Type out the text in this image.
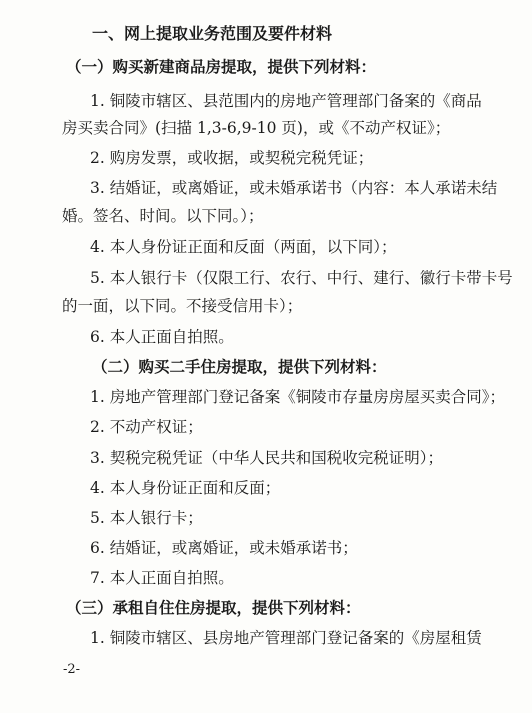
一、网上提取业务范围及要件材料
（一）购买新建商品房提取，提供下列材料：
1. 铜陵市辖区、县范围内的房地产管理部门备案的《商品
房买卖合同》(扫描 1,3-6,9-10 页)，或《不动产权证》；
2. 购房发票，或收据，或契税完税凭证；
3. 结婚证，或离婚证，或未婚承诺书（内容：本人承诺未结
婚。签名、时间。以下同。）；
4. 本人身份证正面和反面（两面，以下同）；
5. 本人银行卡（仅限工行、农行、中行、建行、徽行卡带卡号
的一面，以下同。不接受信用卡）；
6. 本人正面自拍照。
（二）购买二手住房提取，提供下列材料：
1. 房地产管理部门登记备案《铜陵市存量房房屋买卖合同》；
2. 不动产权证；
3. 契税完税凭证（中华人民共和国税收完税证明）；
4. 本人身份证正面和反面；
5. 本人银行卡；
6. 结婚证，或离婚证，或未婚承诺书；
7. 本人正面自拍照。
（三）承租自住住房提取，提供下列材料：
1. 铜陵市辖区、县房地产管理部门登记备案的《房屋租赁
-2-
